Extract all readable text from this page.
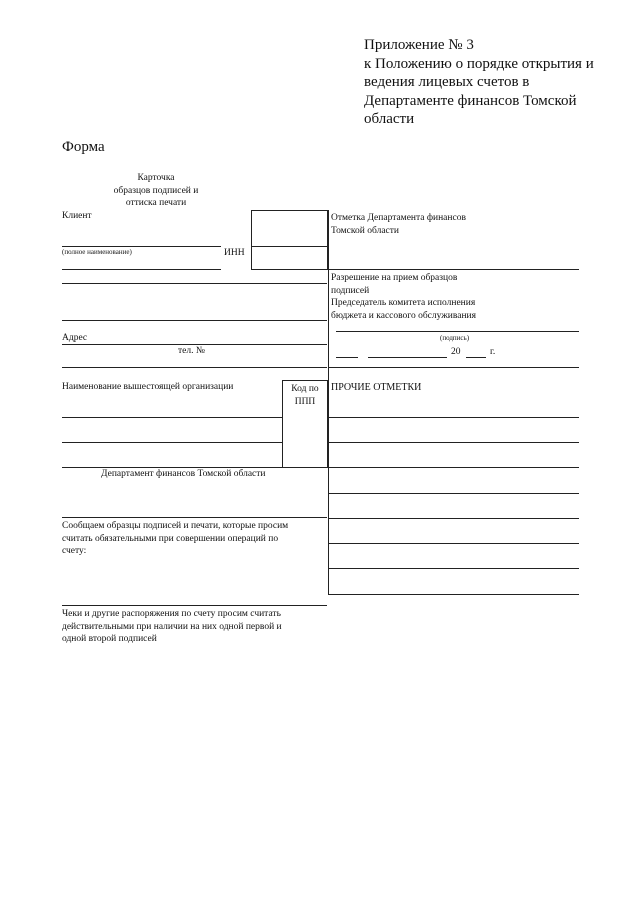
Приложение № 3
к Положению о порядке открытия и
ведения лицевых счетов в
Департаменте финансов Томской
области
Форма
Карточка
образцов подписей и
оттиска печати
Клиент
(полное наименование)	ИНН
Адрес
тел. №
Наименование вышестоящей организации	Код по
ППП
Департамент финансов Томской области
Сообщаем образцы подписей и печати, которые просим
считать обязательными при совершении операций по
счету:
Чеки и другие распоряжения по счету просим считать
действительными при наличии на них одной первой и
одной второй подписей
Отметка Департамента финансов
Томской области
Разрешение на прием образцов
подписей
Председатель комитета исполнения
бюджета и кассового обслуживания
(подпись)
20	г.
ПРОЧИЕ ОТМЕТКИ
